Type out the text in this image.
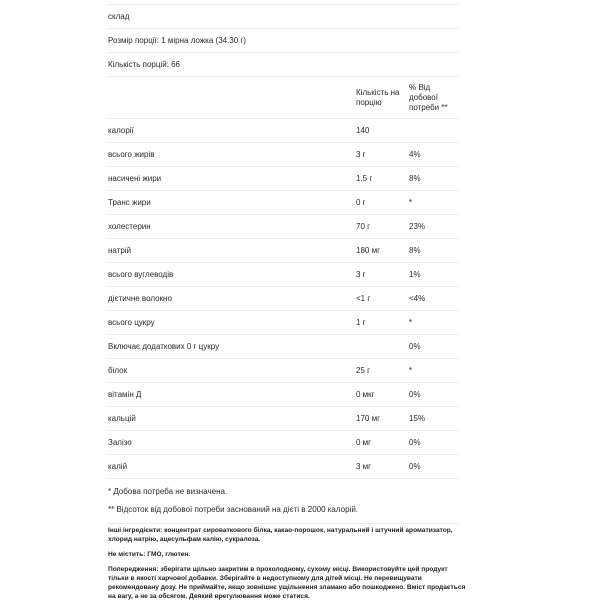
склад
Розмір порції: 1 мірна ложка (34.30 г)
Кількість порцій: 66
	Кількість на порцію	% Від добової потреби **
калорії	140	
всього жирів	3 г	4%
насичені жири	1.5 г	8%
Транс жири	0 г	*
холестерин	70 г	23%
натрій	180 мг	8%
всього вуглеводів	3 г	1%
дієтичне волокно	<1 г	<4%
всього цукру	1 г	*
Включає додаткових 0 г цукру		0%
білок	25 г	*
вітамін Д	0 мкг	0%
кальцій	170 мг	15%
Залізо	0 мг	0%
калій	3 мг	0%
* Добова потреба не визначена.
** Відсоток від добової потреби заснований на дієті в 2000 калорій.

Інші інгредієнти: концентрат сироваткового білка, какао-порошок, натуральний і штучний ароматизатор, хлорид натрію, ацесульфам калію, сукралоза.

Не містить: ГМО, глютен.

Попередження: зберігати щільно закритим в прохолодному, сухому місці. Використовуйте цей продукт тільки в якості харчової добавки. Зберігайте в недоступному для дітей місці. Не перевищувати рекомендовану дозу. Не приймайте, якщо зовнішнє ущільнення зламано або пошкоджено. Вміст продається на вагу, а не за обсягом. Деякий врегулювання може статися.
